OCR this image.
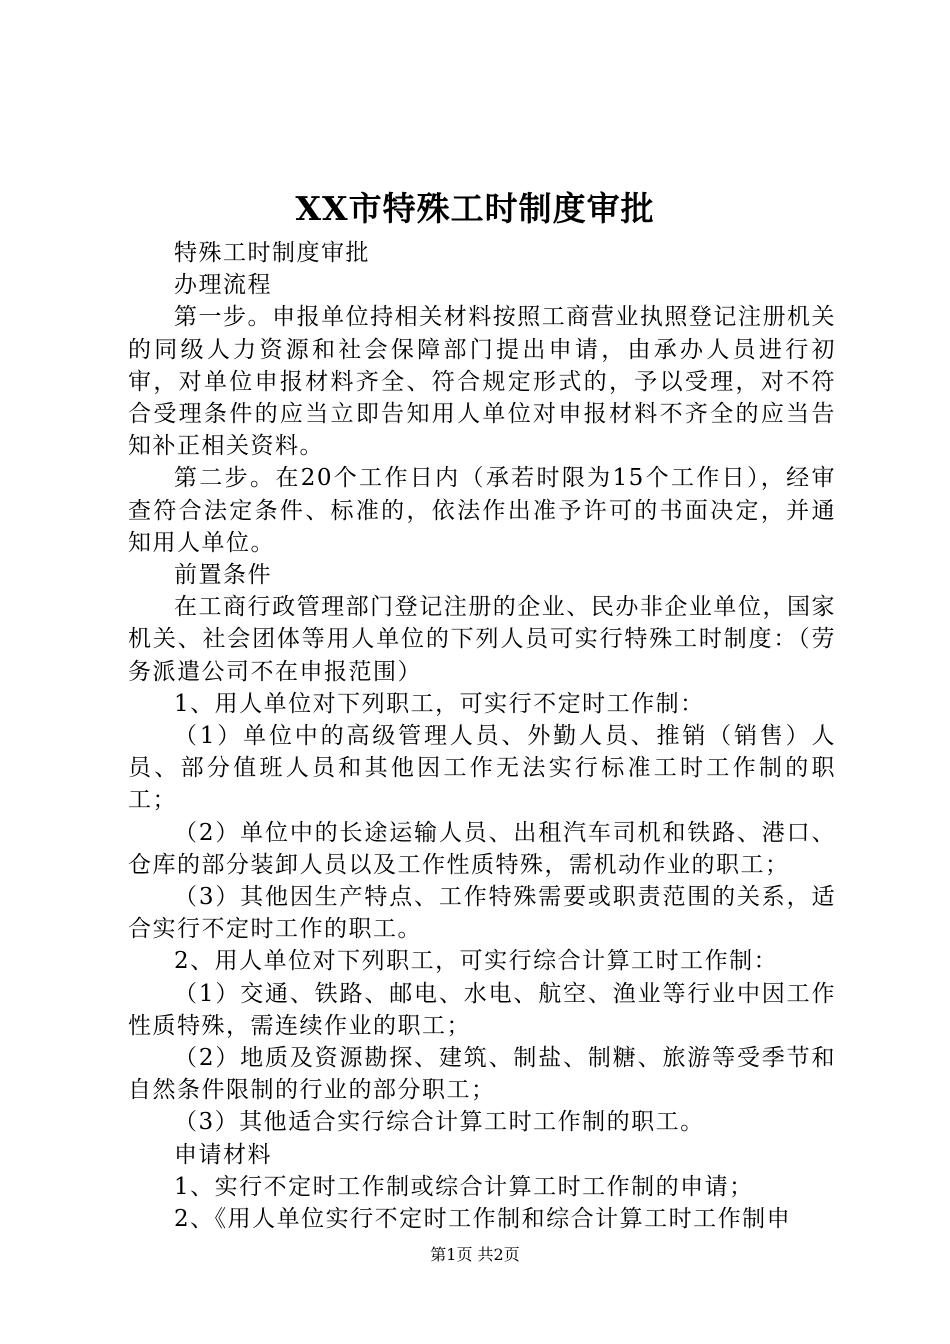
XX市特殊工时制度审批

特殊工时制度审批

办理流程

第一步。申报单位持相关材料按照工商营业执照登记注册机关的同级人力资源和社会保障部门提出申请，由承办人员进行初审，对单位申报材料齐全、符合规定形式的，予以受理，对不符合受理条件的应当立即告知用人单位对申报材料不齐全的应当告知补正相关资料。

第二步。在20个工作日内（承若时限为15个工作日），经审查符合法定条件、标准的，依法作出准予许可的书面决定，并通知用人单位。

前置条件

在工商行政管理部门登记注册的企业、民办非企业单位，国家机关、社会团体等用人单位的下列人员可实行特殊工时制度：（劳务派遣公司不在申报范围）

1、用人单位对下列职工，可实行不定时工作制：

（1）单位中的高级管理人员、外勤人员、推销（销售）人员、部分值班人员和其他因工作无法实行标准工时工作制的职工；

（2）单位中的长途运输人员、出租汽车司机和铁路、港口、仓库的部分装卸人员以及工作性质特殊，需机动作业的职工；

（3）其他因生产特点、工作特殊需要或职责范围的关系，适合实行不定时工作的职工。

2、用人单位对下列职工，可实行综合计算工时工作制：

（1）交通、铁路、邮电、水电、航空、渔业等行业中因工作性质特殊，需连续作业的职工；

（2）地质及资源勘探、建筑、制盐、制糖、旅游等受季节和自然条件限制的行业的部分职工；

（3）其他适合实行综合计算工时工作制的职工。

申请材料

1、实行不定时工作制或综合计算工时工作制的申请；

2、《用人单位实行不定时工作制和综合计算工时工作制申

第1页 共2页
